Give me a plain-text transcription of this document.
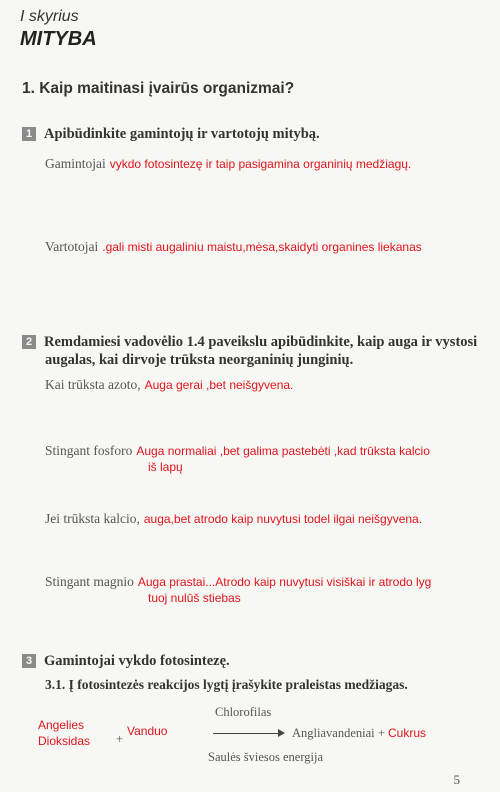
I skyrius
MITYBA
1. Kaip maitinasi įvairūs organizmai?
1 Apibūdinkite gamintojų ir vartotojų mitybą.
Gamintojai vykdo fotosintezę ir taip pasigamina organinių medžiagų.
Vartotojai .gali misti augaliniu maistu,mėsa,skaidyti organines liekanas
2 Remdamiesi vadovėlio 1.4 paveikslu apibūdinkite, kaip auga ir vystosi
augalas, kai dirvoje trūksta neorganinių junginių.
Kai trūksta azoto, Auga gerai ,bet neišgyvena.
Stingant fosforo Auga normaliai ,bet galima pastebėti ,kad trūksta kalcio
iš lapų
Jei trūksta kalcio, auga,bet atrodo kaip nuvytusi todel ilgai neišgyvena.
Stingant magnio Auga prastai...Atrodo kaip nuvytusi visiškai ir atrodo lyg
tuoj nulūš stiebas
3 Gamintojai vykdo fotosintezę.
3.1. Į fotosintezės reakcijos lygtį įrašykite praleistas medžiagas.
Angelies
Dioksidas +
Vanduo
Chlorofilas
Saulės šviesos energija
Angliavandeniai + Cukrus
5
